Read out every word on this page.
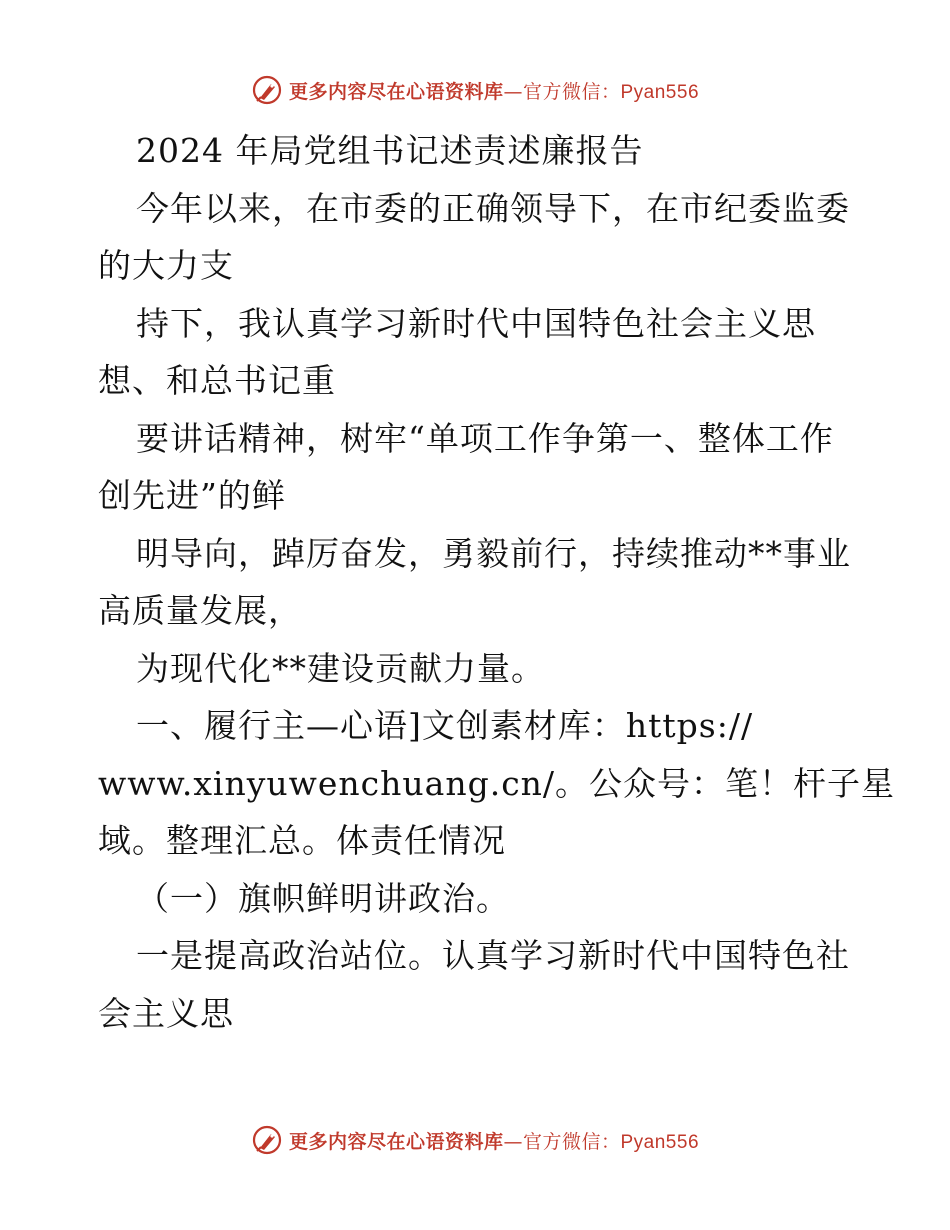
更多内容尽在心语资料库—官方微信：Pyan556
2024 年局党组书记述责述廉报告
今年以来，在市委的正确领导下，在市纪委监委
的大力支
持下，我认真学习新时代中国特色社会主义思
想、和总书记重
要讲话精神，树牢“单项工作争第一、整体工作
创先进”的鲜
明导向，踔厉奋发，勇毅前行，持续推动**事业
高质量发展，
为现代化**建设贡献力量。
一、履行主—心语]文创素材库：https://
www.xinyuwenchuang.cn/。公众号：笔！杆子星
域。整理汇总。体责任情况
（一）旗帜鲜明讲政治。
一是提高政治站位。认真学习新时代中国特色社
会主义思
更多内容尽在心语资料库—官方微信：Pyan556
